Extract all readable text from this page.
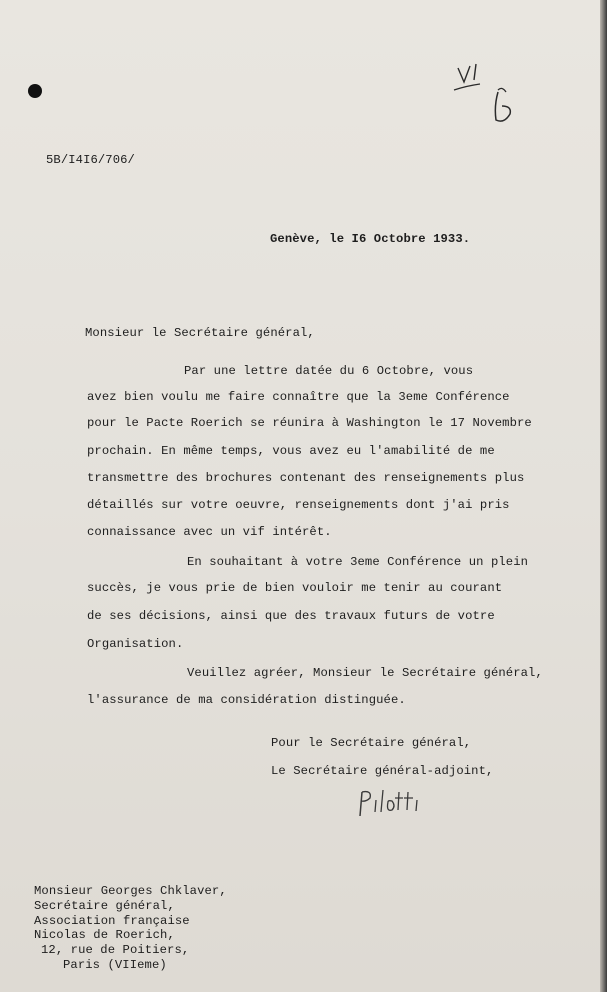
5B/I4I6/706/
Genève, le I6 Octobre 1933.
Monsieur le Secrétaire général,
Par une lettre datée du 6 Octobre, vous
avez bien voulu me faire connaître que la 3eme Conférence
pour le Pacte Roerich se réunira à Washington le 17 Novembre
prochain. En même temps, vous avez eu l'amabilité de me
transmettre des brochures contenant des renseignements plus
détaillés sur votre oeuvre, renseignements dont j'ai pris
connaissance avec un vif intérêt.
En souhaitant à votre 3eme Conférence un plein
succès, je vous prie de bien vouloir me tenir au courant
de ses décisions, ainsi que des travaux futurs de votre
Organisation.
Veuillez agréer, Monsieur le Secrétaire général,
l'assurance de ma considération distinguée.
Pour le Secrétaire général,
Le Secrétaire général-adjoint,
Monsieur Georges Chklaver,
Secrétaire général,
Association française
Nicolas de Roerich,
12, rue de Poitiers,
Paris (VIIeme)
